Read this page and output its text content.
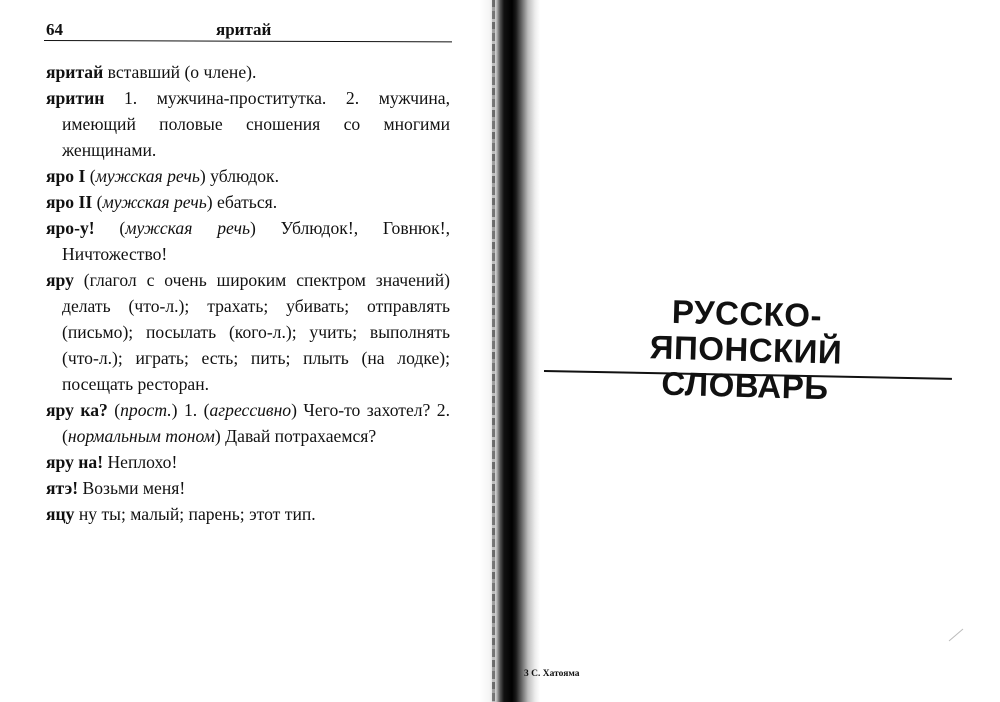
64	яритай

яритай вставший (о члене).

яритин 1. мужчина-проститутка. 2. мужчина, имеющий половые сношения со многими женщинами.

яро I (мужская речь) ублюдок.

яро II (мужская речь) ебаться.

яро-у! (мужская речь) Ублюдок!, Говнюк!, Ничтожество!

яру (глагол с очень широким спектром значений) делать (что-л.); трахать; убивать; отправлять (письмо); посылать (кого-л.); учить; выполнять (что-л.); играть; есть; пить; плыть (на лодке); посещать ресторан.

яру ка? (прост.) 1. (агрессивно) Чего-то захотел? 2. (нормальным тоном) Давай потрахаемся?

яру на! Неплохо!

ятэ! Возьми меня!

яцу ну ты; малый; парень; этот тип.

РУССКО-ЯПОНСКИЙ
СЛОВАРЬ
3 С. Хатояма
